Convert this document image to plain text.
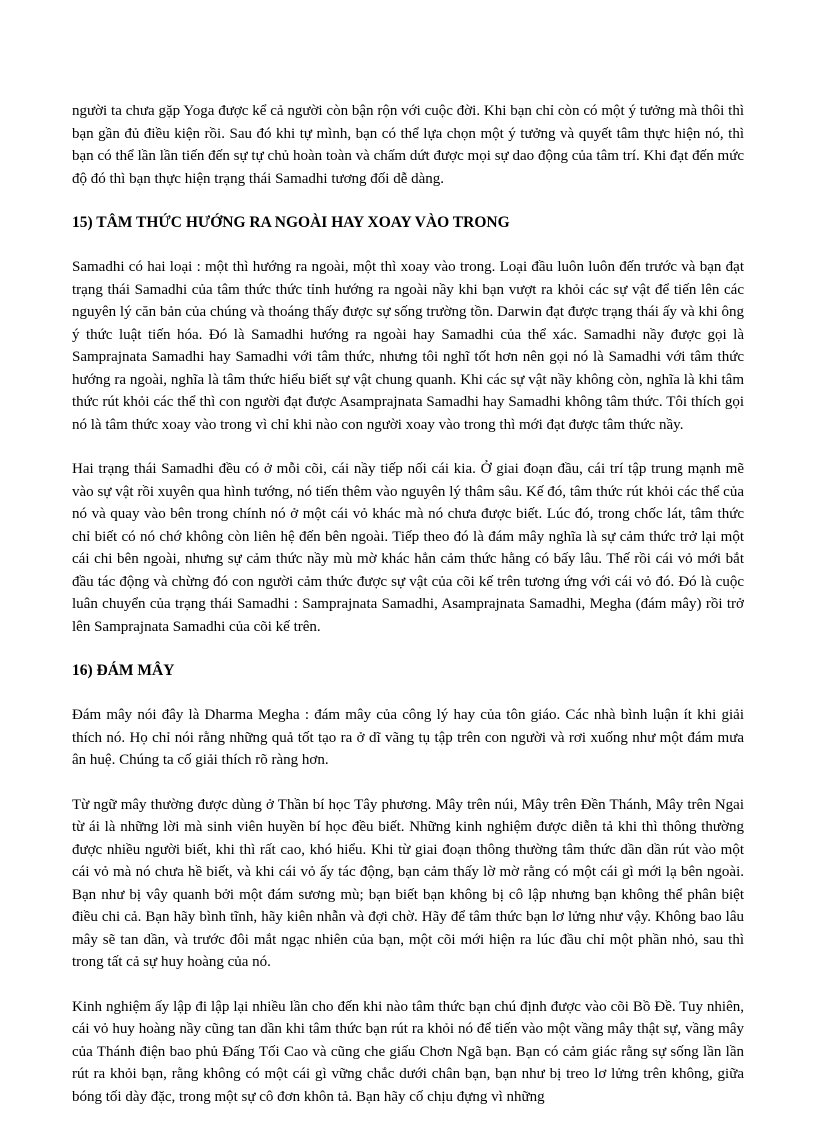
người ta chưa gặp Yoga được kể cả người còn bận rộn với cuộc đời. Khi bạn chỉ còn có một ý tưởng mà thôi thì bạn gần đủ điều kiện rồi. Sau đó khi tự mình, bạn có thể lựa chọn một ý tưởng và quyết tâm thực hiện nó, thì bạn có thể lần lần tiến đến sự tự chủ hoàn toàn và chấm dứt được mọi sự dao động của tâm trí. Khi đạt đến mức độ đó thì bạn thực hiện trạng thái Samadhi tương đối dễ dàng.

15) TÂM THỨC HƯỚNG RA NGOÀI HAY XOAY VÀO TRONG

Samadhi có hai loại : một thì hướng ra ngoài, một thì xoay vào trong. Loại đầu luôn luôn đến trước và bạn đạt trạng thái Samadhi của tâm thức thức tỉnh hướng ra ngoài nầy khi bạn vượt ra khỏi các sự vật để tiến lên các nguyên lý căn bản của chúng và thoáng thấy được sự sống trường tồn. Darwin đạt được trạng thái ấy và khi ông ý thức luật tiến hóa. Đó là Samadhi hướng ra ngoài hay Samadhi của thể xác. Samadhi nầy được gọi là Samprajnata Samadhi hay Samadhi với tâm thức, nhưng tôi nghĩ tốt hơn nên gọi nó là Samadhi với tâm thức hướng ra ngoài, nghĩa là tâm thức hiểu biết sự vật chung quanh. Khi các sự vật nầy không còn, nghĩa là khi tâm thức rút khỏi các thể thì con người đạt được Asamprajnata Samadhi hay Samadhi không tâm thức. Tôi thích gọi nó là tâm thức xoay vào trong vì chỉ khi nào con người xoay vào trong thì mới đạt được tâm thức nầy.

Hai trạng thái Samadhi đều có ở mỗi cõi, cái nầy tiếp nối cái kia. Ở giai đoạn đầu, cái trí tập trung mạnh mẽ vào sự vật rồi xuyên qua hình tướng, nó tiến thêm vào nguyên lý thâm sâu. Kế đó, tâm thức rút khỏi các thể của nó và quay vào bên trong chính nó ở một cái vỏ khác mà nó chưa được biết. Lúc đó, trong chốc lát, tâm thức chỉ biết có nó chớ không còn liên hệ đến bên ngoài. Tiếp theo đó là đám mây nghĩa là sự cảm thức trở lại một cái chi bên ngoài, nhưng sự cảm thức nầy mù mờ khác hẳn cảm thức hằng có bấy lâu. Thế rồi cái vỏ mới bắt đầu tác động và chừng đó con người cảm thức được sự vật của cõi kế trên tương ứng với cái vỏ đó. Đó là cuộc luân chuyển của trạng thái Samadhi : Samprajnata Samadhi, Asamprajnata Samadhi, Megha (đám mây) rồi trở lên Samprajnata Samadhi của cõi kế trên.

16) ĐÁM MÂY

Đám mây nói đây là Dharma Megha : đám mây của công lý hay của tôn giáo. Các nhà bình luận ít khi giải thích nó. Họ chỉ nói rằng những quả tốt tạo ra ở dĩ vãng tụ tập trên con người và rơi xuống như một đám mưa ân huệ. Chúng ta cố giải thích rõ ràng hơn.

Từ ngữ mây thường được dùng ở Thần bí học Tây phương. Mây trên núi, Mây trên Đền Thánh, Mây trên Ngai từ ái là những lời mà sinh viên huyền bí học đều biết. Những kinh nghiệm được diễn tả khi thì thông thường được nhiều người biết, khi thì rất cao, khó hiểu. Khi từ giai đoạn thông thường tâm thức dần dần rút vào một cái vỏ mà nó chưa hề biết, và khi cái vỏ ấy tác động, bạn cảm thấy lờ mờ rằng có một cái gì mới lạ bên ngoài. Bạn như bị vây quanh bởi một đám sương mù; bạn biết bạn không bị cô lập nhưng bạn không thể phân biệt điều chi cả. Bạn hãy bình tĩnh, hãy kiên nhẫn và đợi chờ. Hãy để tâm thức bạn lơ lửng như vậy. Không bao lâu mây sẽ tan dần, và trước đôi mắt ngạc nhiên của bạn, một cõi mới hiện ra lúc đầu chỉ một phần nhỏ, sau thì trong tất cả sự huy hoàng của nó.

Kinh nghiệm ấy lập đi lập lại nhiều lần cho đến khi nào tâm thức bạn chú định được vào cõi Bồ Đề. Tuy nhiên, cái vỏ huy hoàng nầy cũng tan dần khi tâm thức bạn rút ra khỏi nó để tiến vào một vầng mây thật sự, vầng mây của Thánh điện bao phủ Đấng Tối Cao và cũng che giấu Chơn Ngã bạn. Bạn có cảm giác rằng sự sống lần lần rút ra khỏi bạn, rằng không có một cái gì vững chắc dưới chân bạn, bạn như bị treo lơ lửng trên không, giữa bóng tối dày đặc, trong một sự cô đơn khôn tả. Bạn hãy cố chịu đựng vì những
